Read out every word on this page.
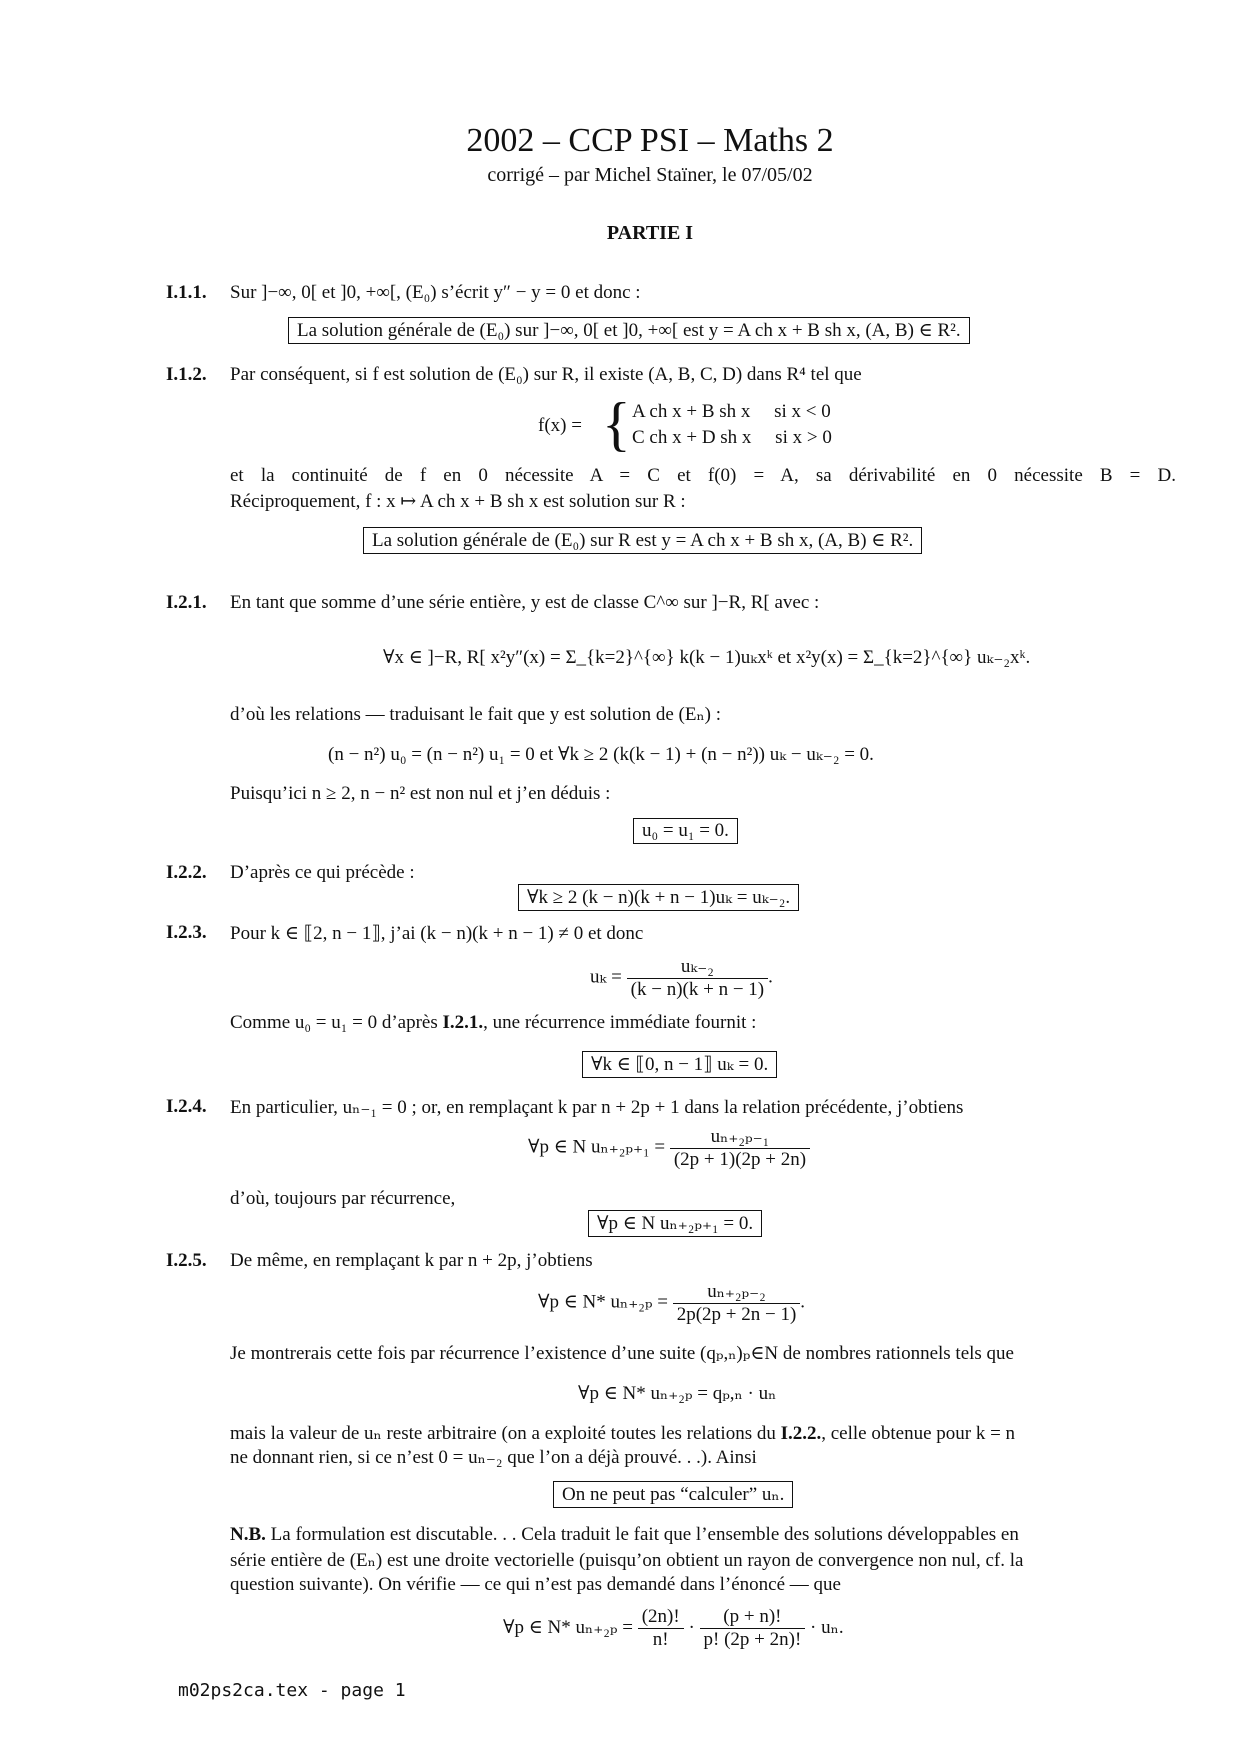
2002 – CCP PSI – Maths 2
corrigé – par Michel Staïner, le 07/05/02
PARTIE I
I.1.1. Sur ]−∞, 0[ et ]0, +∞[, (E₀) s’écrit y″ − y = 0 et donc :
La solution générale de (E₀) sur ]−∞, 0[ et ]0, +∞[ est y = A ch x + B sh x, (A, B) ∈ R².
I.1.2. Par conséquent, si f est solution de (E₀) sur R, il existe (A, B, C, D) dans R⁴ tel que
f(x) = { A ch x + B sh x     si x < 0
C ch x + D sh x     si x > 0
et la continuité de f en 0 nécessite A = C et f(0) = A, sa dérivabilité en 0 nécessite B = D.
Réciproquement, f : x ↦ A ch x + B sh x est solution sur R :
La solution générale de (E₀) sur R est y = A ch x + B sh x, (A, B) ∈ R².
I.2.1. En tant que somme d’une série entière, y est de classe C^∞ sur ]−R, R[ avec :
∀x ∈ ]−R, R[ x²y″(x) = Σ_{k=2}^{∞} k(k − 1)uₖxᵏ et x²y(x) = Σ_{k=2}^{∞} uₖ₋₂xᵏ.
d’où les relations — traduisant le fait que y est solution de (Eₙ) :
(n − n²) u₀ = (n − n²) u₁ = 0 et ∀k ≥ 2 (k(k − 1) + (n − n²)) uₖ − uₖ₋₂ = 0.
Puisqu’ici n ≥ 2, n − n² est non nul et j’en déduis :
u₀ = u₁ = 0.
I.2.2. D’après ce qui précède :
∀k ≥ 2 (k − n)(k + n − 1)uₖ = uₖ₋₂.
I.2.3. Pour k ∈ ⟦2, n − 1⟧, j’ai (k − n)(k + n − 1) ≠ 0 et donc
$u_k = \frac{\text{uₖ₋₂}}{(k - n)(k + n - 1)}$ .
Comme u₀ = u₁ = 0 d’après I.2.1., une récurrence immédiate fournit :
∀k ∈ ⟦0, n − 1⟧ uₖ = 0.
I.2.4. En particulier, uₙ₋₁ = 0 ; or, en remplaçant k par n + 2p + 1 dans la relation précédente, j’obtiens
∀p ∈ N $u_{n+2p+1} = \frac{\text{uₙ₊₂ₚ₋₁}}{(2p + 1)(2p + 2n)}$
d’où, toujours par récurrence,
∀p ∈ N uₙ₊₂ₚ₊₁ = 0.
I.2.5. De même, en remplaçant k par n + 2p, j’obtiens
∀p ∈ N* $u_{n+2p} = \frac{\text{uₙ₊₂ₚ₋₂}}{2p(2p + 2n - 1)}$ .
Je montrerais cette fois par récurrence l’existence d’une suite (qₚ,ₙ)ₚ∈N de nombres rationnels tels que
∀p ∈ N* uₙ₊₂ₚ = qₚ,ₙ · uₙ
mais la valeur de uₙ reste arbitraire (on a exploité toutes les relations du I.2.2., celle obtenue pour k = n
ne donnant rien, si ce n’est 0 = uₙ₋₂ que l’on a déjà prouvé. . .). Ainsi
On ne peut pas “calculer” uₙ.
N.B. La formulation est discutable. . . Cela traduit le fait que l’ensemble des solutions développables en
série entière de (Eₙ) est une droite vectorielle (puisqu’on obtient un rayon de convergence non nul, cf. la
question suivante). On vérifie — ce qui n’est pas demandé dans l’énoncé — que
∀p ∈ N* $u_{n+2p} = \frac{(2n)!}{n!} \cdot \frac{(p + n)!}{p! (2p + 2n)!} \cdot u_n$.
m02ps2ca.tex - page 1
